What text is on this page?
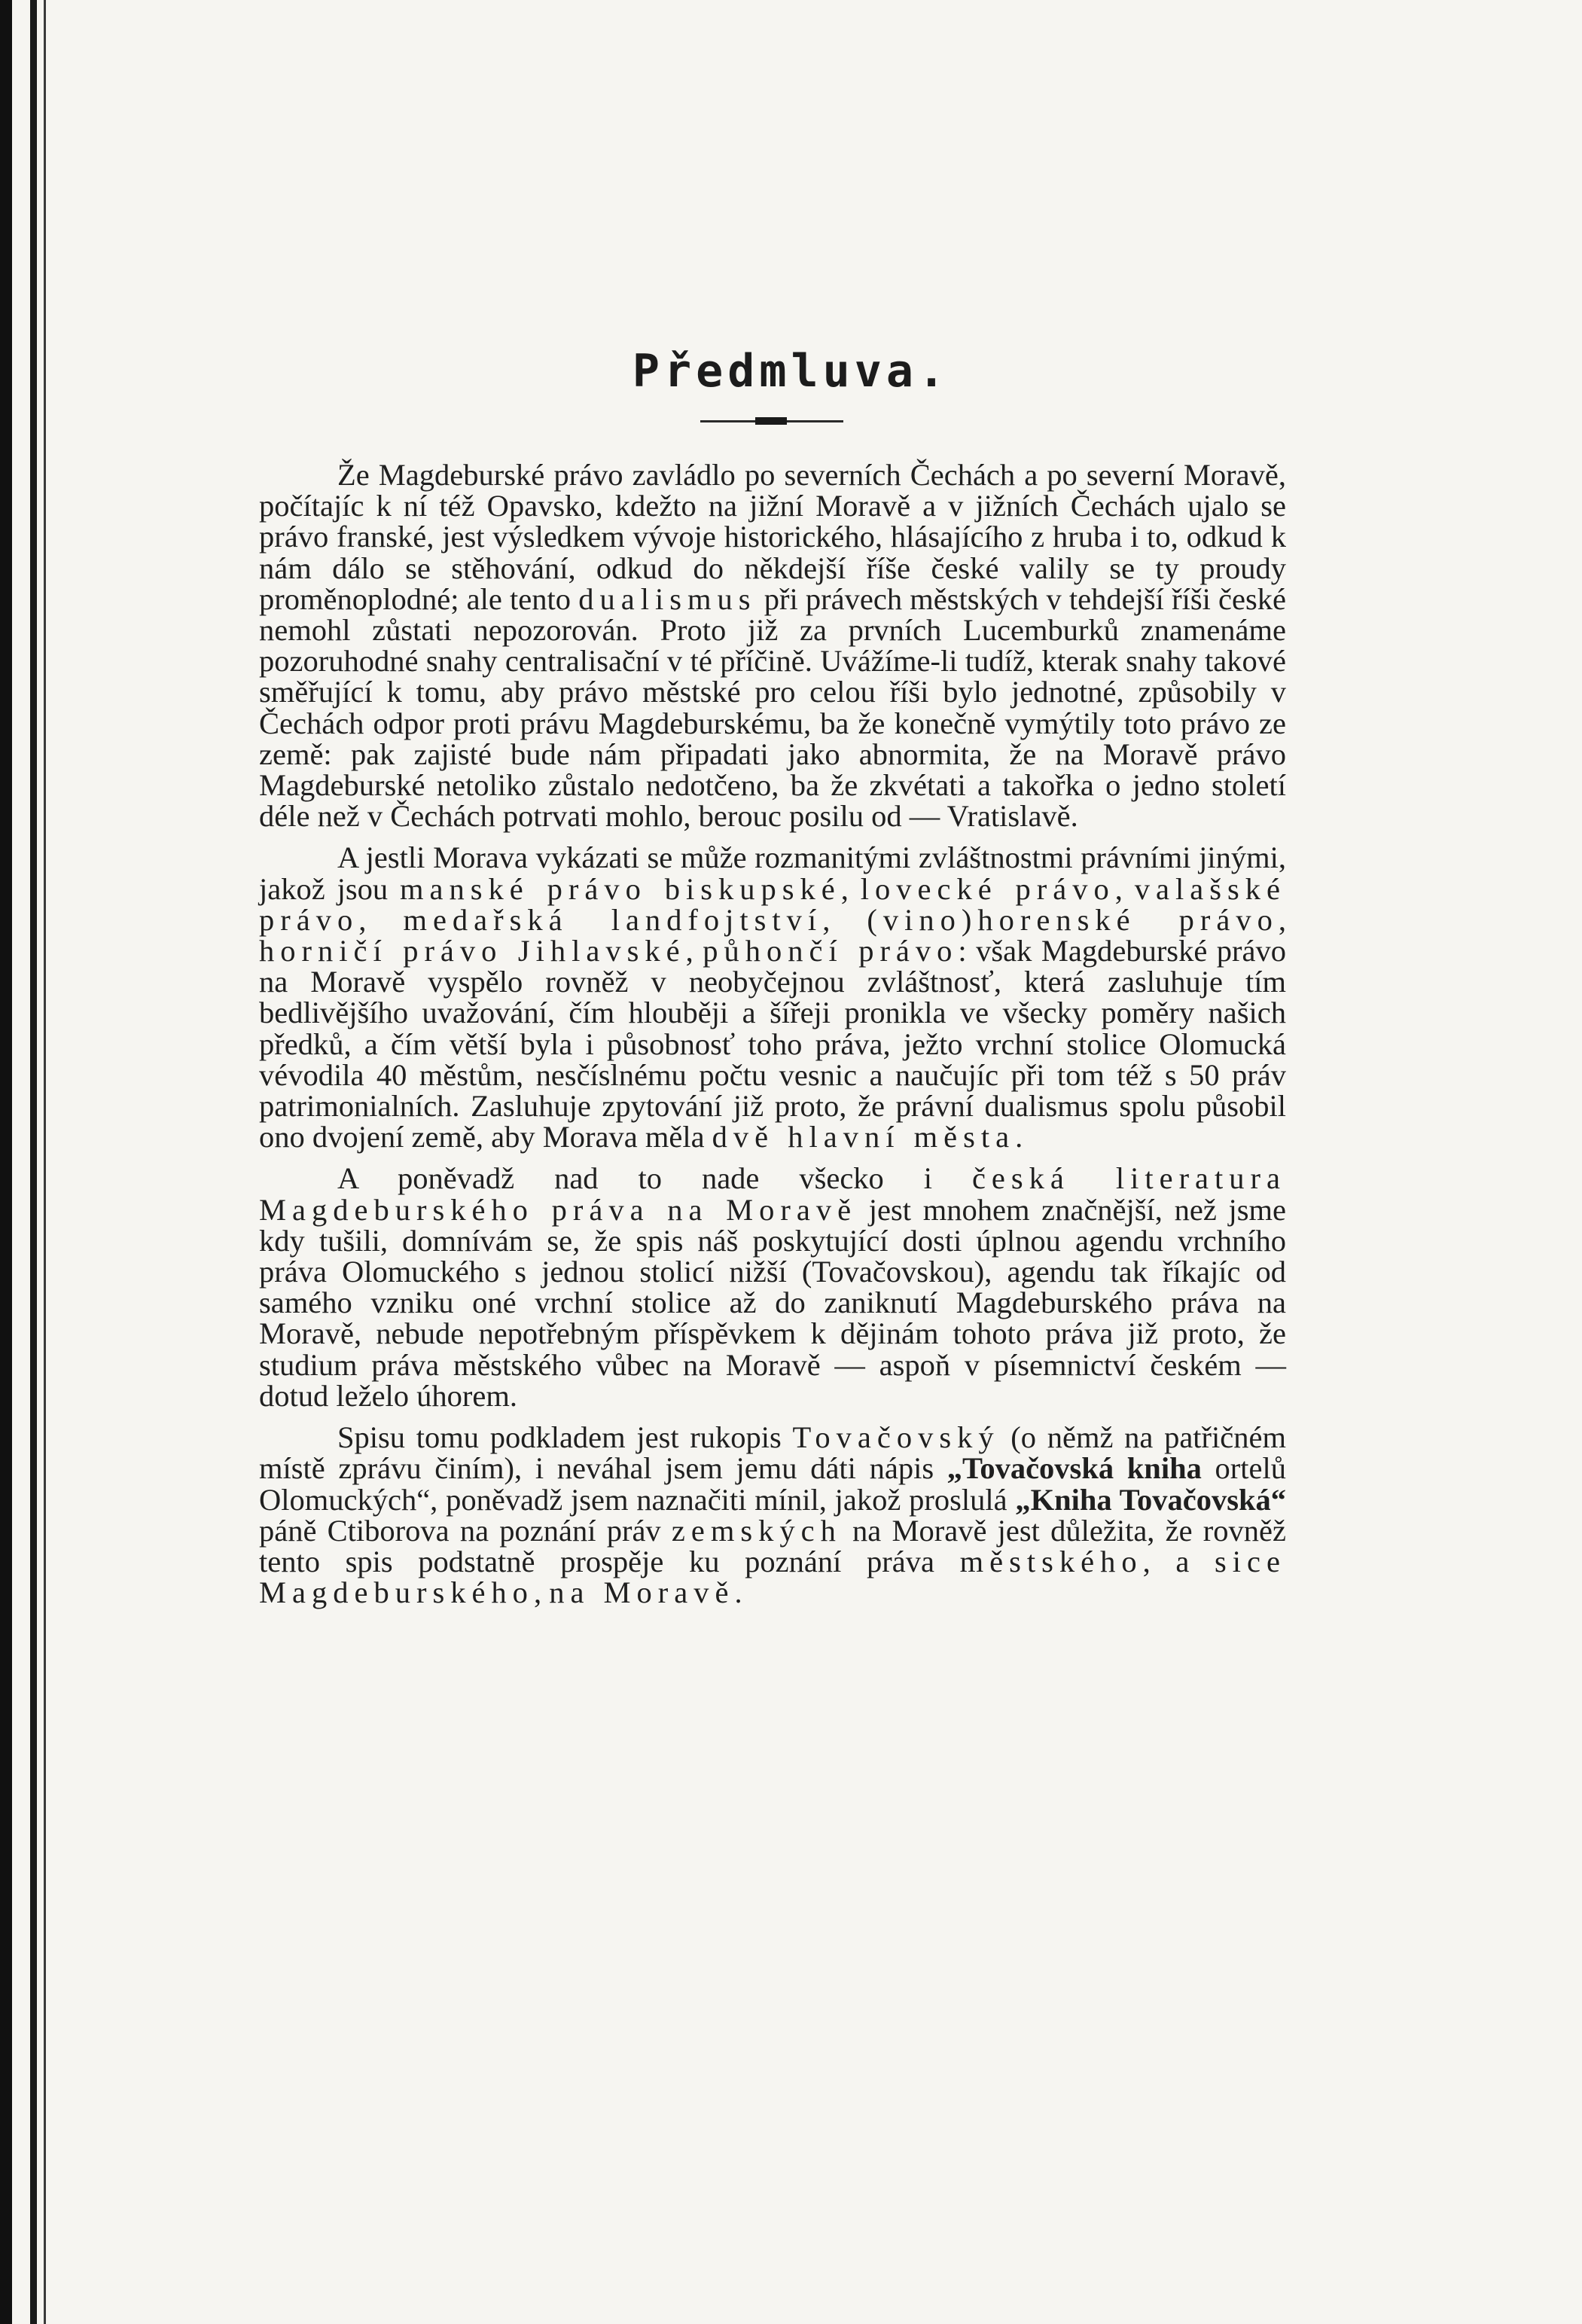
Předmluva.

Že Magdeburské právo zavládlo po severních Čechách a po severní Moravě, počítajíc k ní též Opavsko, kdežto na jižní Moravě a v jižních Čechách ujalo se právo franské, jest výsledkem vývoje historického, hlásajícího z hruba i to, odkud k nám dálo se stěhování, odkud do někdejší říše české valily se ty proudy proměnoplodné; ale tento dualismus při právech městských v tehdejší říši české nemohl zůstati nepozorován. Proto již za prvních Lucemburků znamenáme pozoruhodné snahy centralisační v té příčině. Uvážíme-li tudíž, kterak snahy takové směřující k tomu, aby právo městské pro celou říši bylo jednotné, způsobily v Čechách odpor proti právu Magdeburskému, ba že konečně vymýtily toto právo ze země: pak zajisté bude nám připadati jako abnormita, že na Moravě právo Magdeburské netoliko zůstalo nedotčeno, ba že zkvétati a takořka o jedno století déle než v Čechách potrvati mohlo, berouc posilu od — Vratislavě.

A jestli Morava vykázati se může rozmanitými zvláštnostmi právními jinými, jakož jsou manské právo biskupské, lovecké právo, valašské právo, medařská landfojtství, (vino)horenské právo, horničí právo Jihlavské, půhončí právo: však Magdeburské právo na Moravě vyspělo rovněž v neobyčejnou zvláštnosť, která zasluhuje tím bedlivějšího uvažování, čím hlouběji a šířeji pronikla ve všecky poměry našich předků, a čím větší byla i působnosť toho práva, ježto vrchní stolice Olomucká vévodila 40 městům, nesčíslnému počtu vesnic a naučujíc při tom též s 50 práv patrimonialních. Zasluhuje zpytování již proto, že právní dualismus spolu působil ono dvojení země, aby Morava měla dvě hlavní města.

A poněvadž nad to nade všecko i česká literatura Magdeburského práva na Moravě jest mnohem značnější, než jsme kdy tušili, domnívám se, že spis náš poskytující dosti úplnou agendu vrchního práva Olomuckého s jednou stolicí nižší (Tovačovskou), agendu tak říkajíc od samého vzniku oné vrchní stolice až do zaniknutí Magdeburského práva na Moravě, nebude nepotřebným příspěvkem k dějinám tohoto práva již proto, že studium práva městského vůbec na Moravě — aspoň v písemnictví českém — dotud leželo úhorem.

Spisu tomu podkladem jest rukopis Tovačovský (o němž na patřičném místě zprávu činím), i neváhal jsem jemu dáti nápis „Tovačovská kniha ortelů Olomuckých“, poněvadž jsem naznačiti mínil, jakož proslulá „Kniha Tovačovská“ páně Ctiborova na poznání práv zemských na Moravě jest důležita, že rovněž tento spis podstatně prospěje ku poznání práva městského, a sice Magdeburského, na Moravě.
